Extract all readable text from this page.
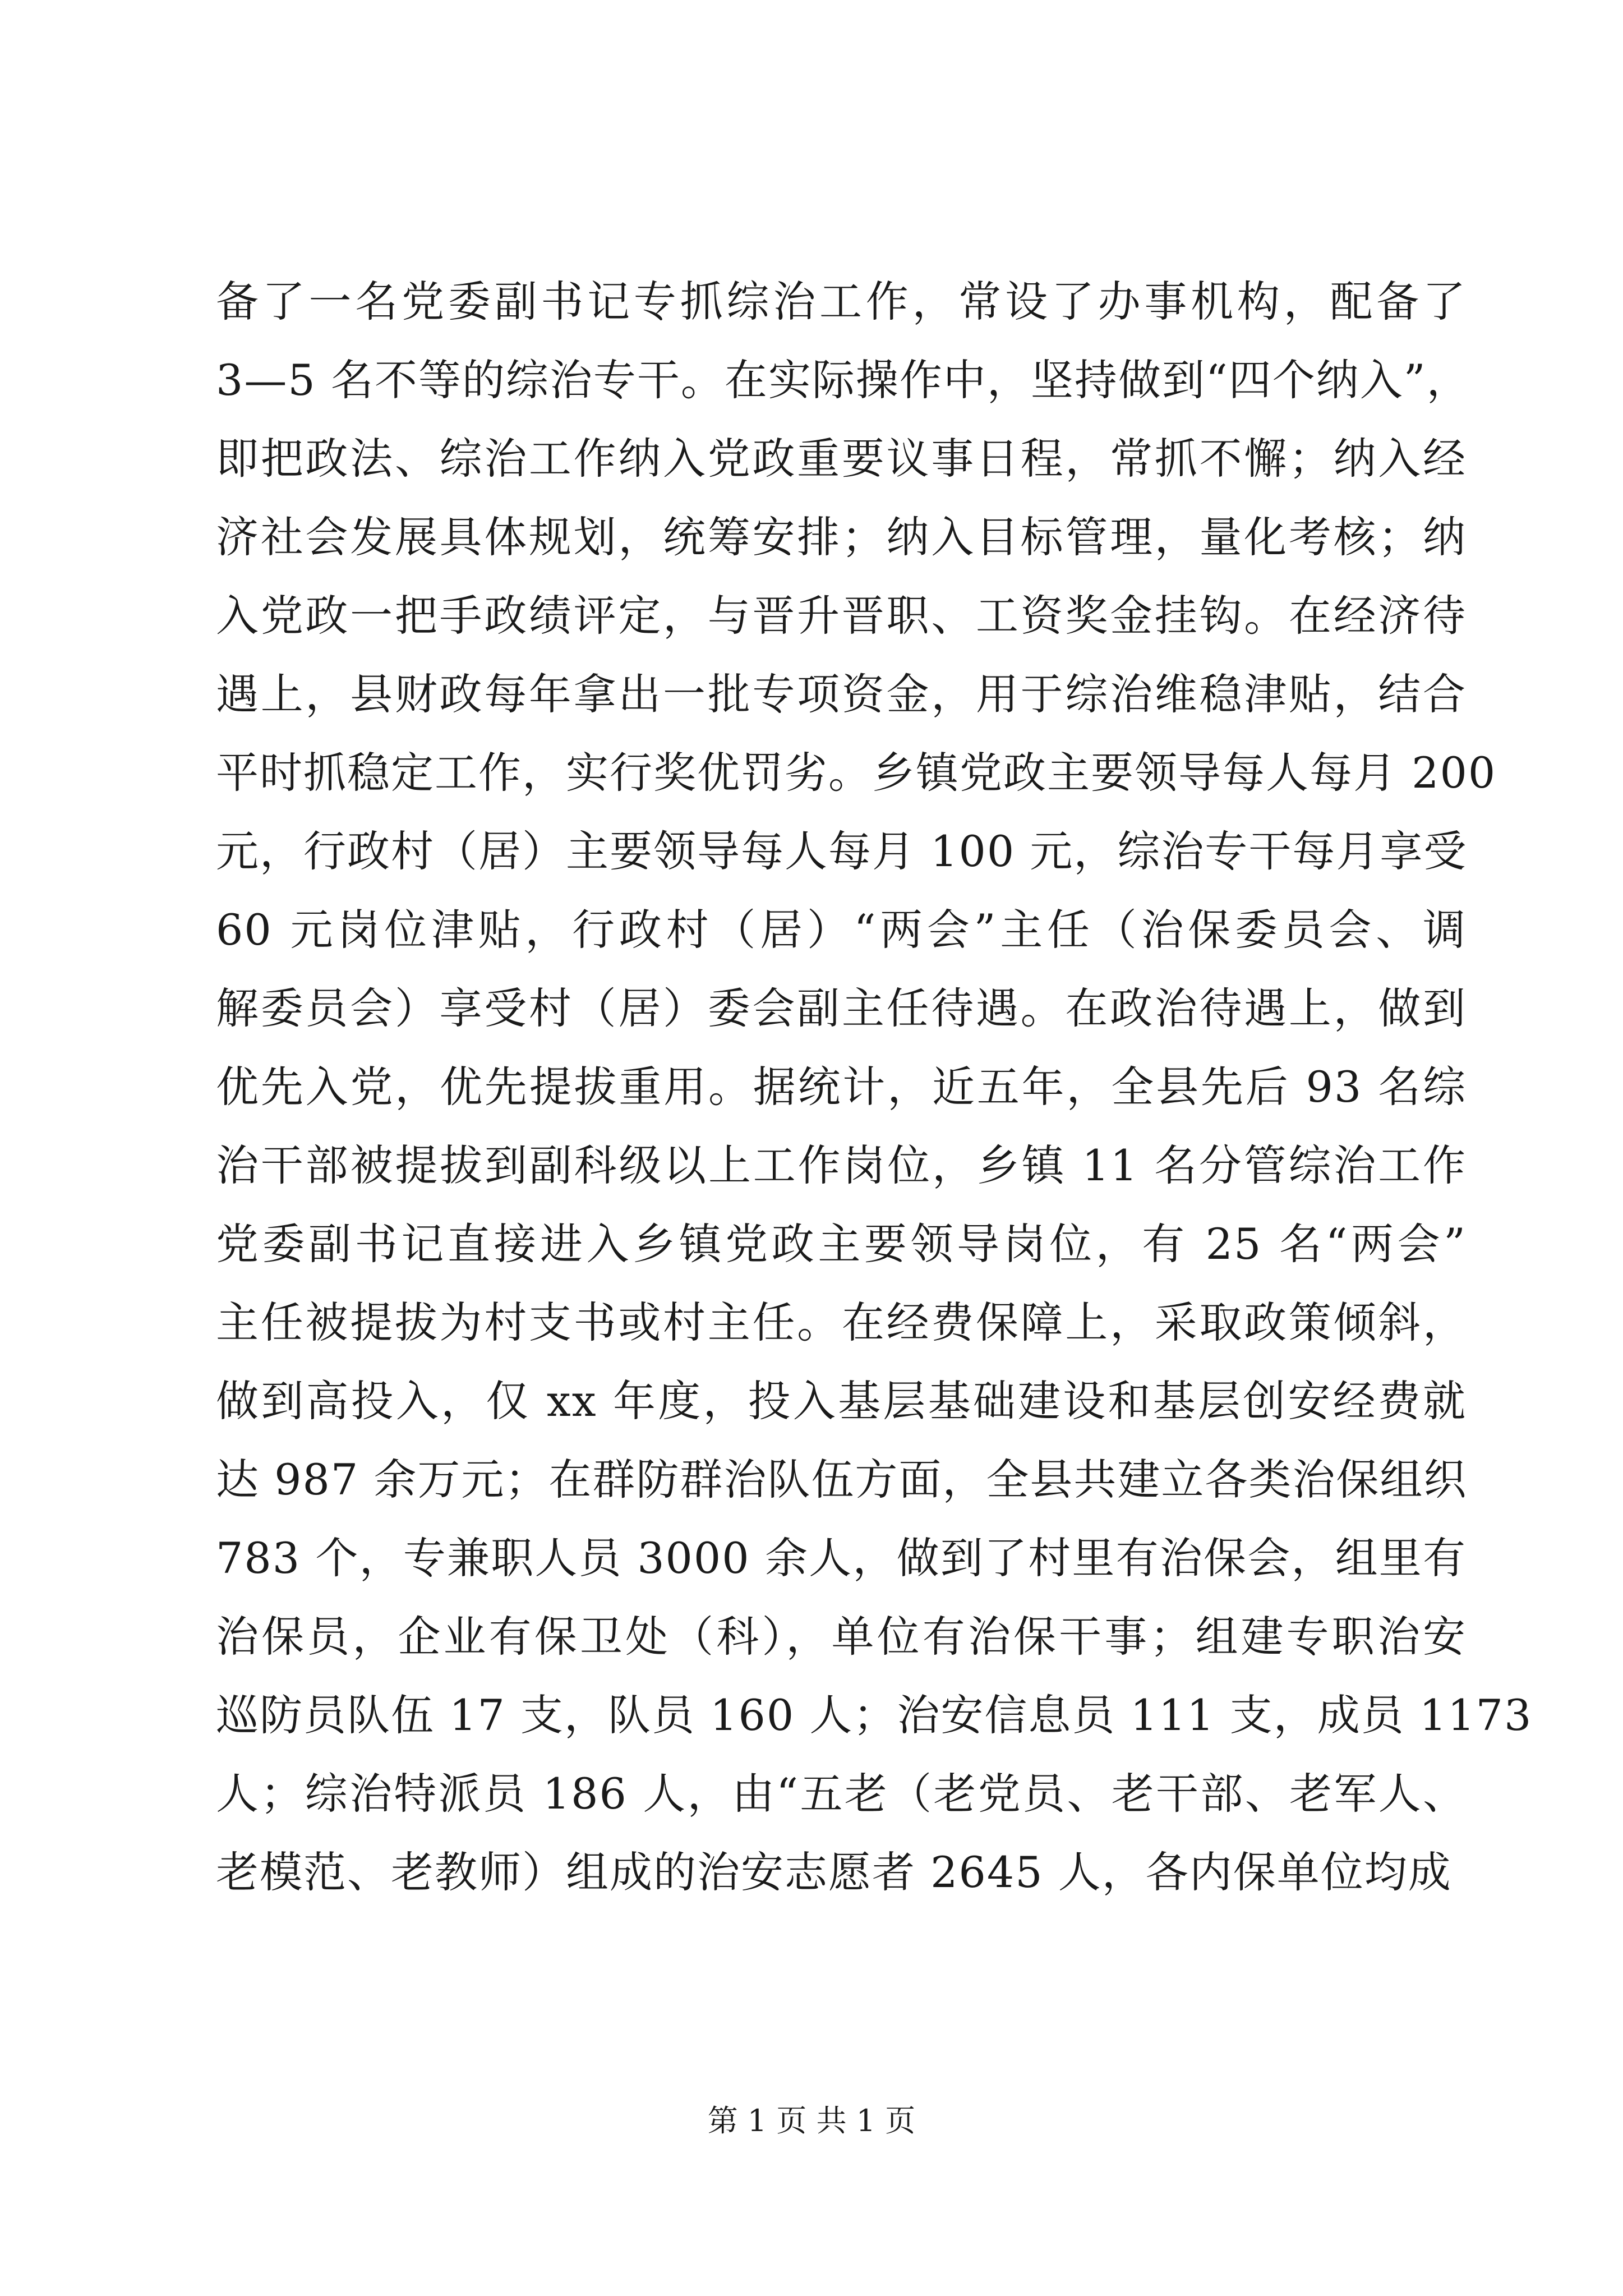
备了一名党委副书记专抓综治工作，常设了办事机构，配备了
3—5 名不等的综治专干。在实际操作中，坚持做到“四个纳入”，
即把政法、综治工作纳入党政重要议事日程，常抓不懈；纳入经
济社会发展具体规划，统筹安排；纳入目标管理，量化考核；纳
入党政一把手政绩评定，与晋升晋职、工资奖金挂钩。在经济待
遇上，县财政每年拿出一批专项资金，用于综治维稳津贴，结合
平时抓稳定工作，实行奖优罚劣。乡镇党政主要领导每人每月 200
元，行政村（居）主要领导每人每月 100 元，综治专干每月享受
60 元岗位津贴，行政村（居）“两会”主任（治保委员会、调
解委员会）享受村（居）委会副主任待遇。在政治待遇上，做到
优先入党，优先提拔重用。据统计，近五年，全县先后 93 名综
治干部被提拔到副科级以上工作岗位，乡镇 11 名分管综治工作
党委副书记直接进入乡镇党政主要领导岗位，有 25 名“两会”
主任被提拔为村支书或村主任。在经费保障上，采取政策倾斜，
做到高投入，仅 xx 年度，投入基层基础建设和基层创安经费就
达 987 余万元；在群防群治队伍方面，全县共建立各类治保组织
783 个，专兼职人员 3000 余人，做到了村里有治保会，组里有
治保员，企业有保卫处（科），单位有治保干事；组建专职治安
巡防员队伍 17 支，队员 160 人；治安信息员 111 支，成员 1173
人；综治特派员 186 人，由“五老（老党员、老干部、老军人、
老模范、老教师）组成的治安志愿者 2645 人，各内保单位均成
第 1 页 共 1 页
